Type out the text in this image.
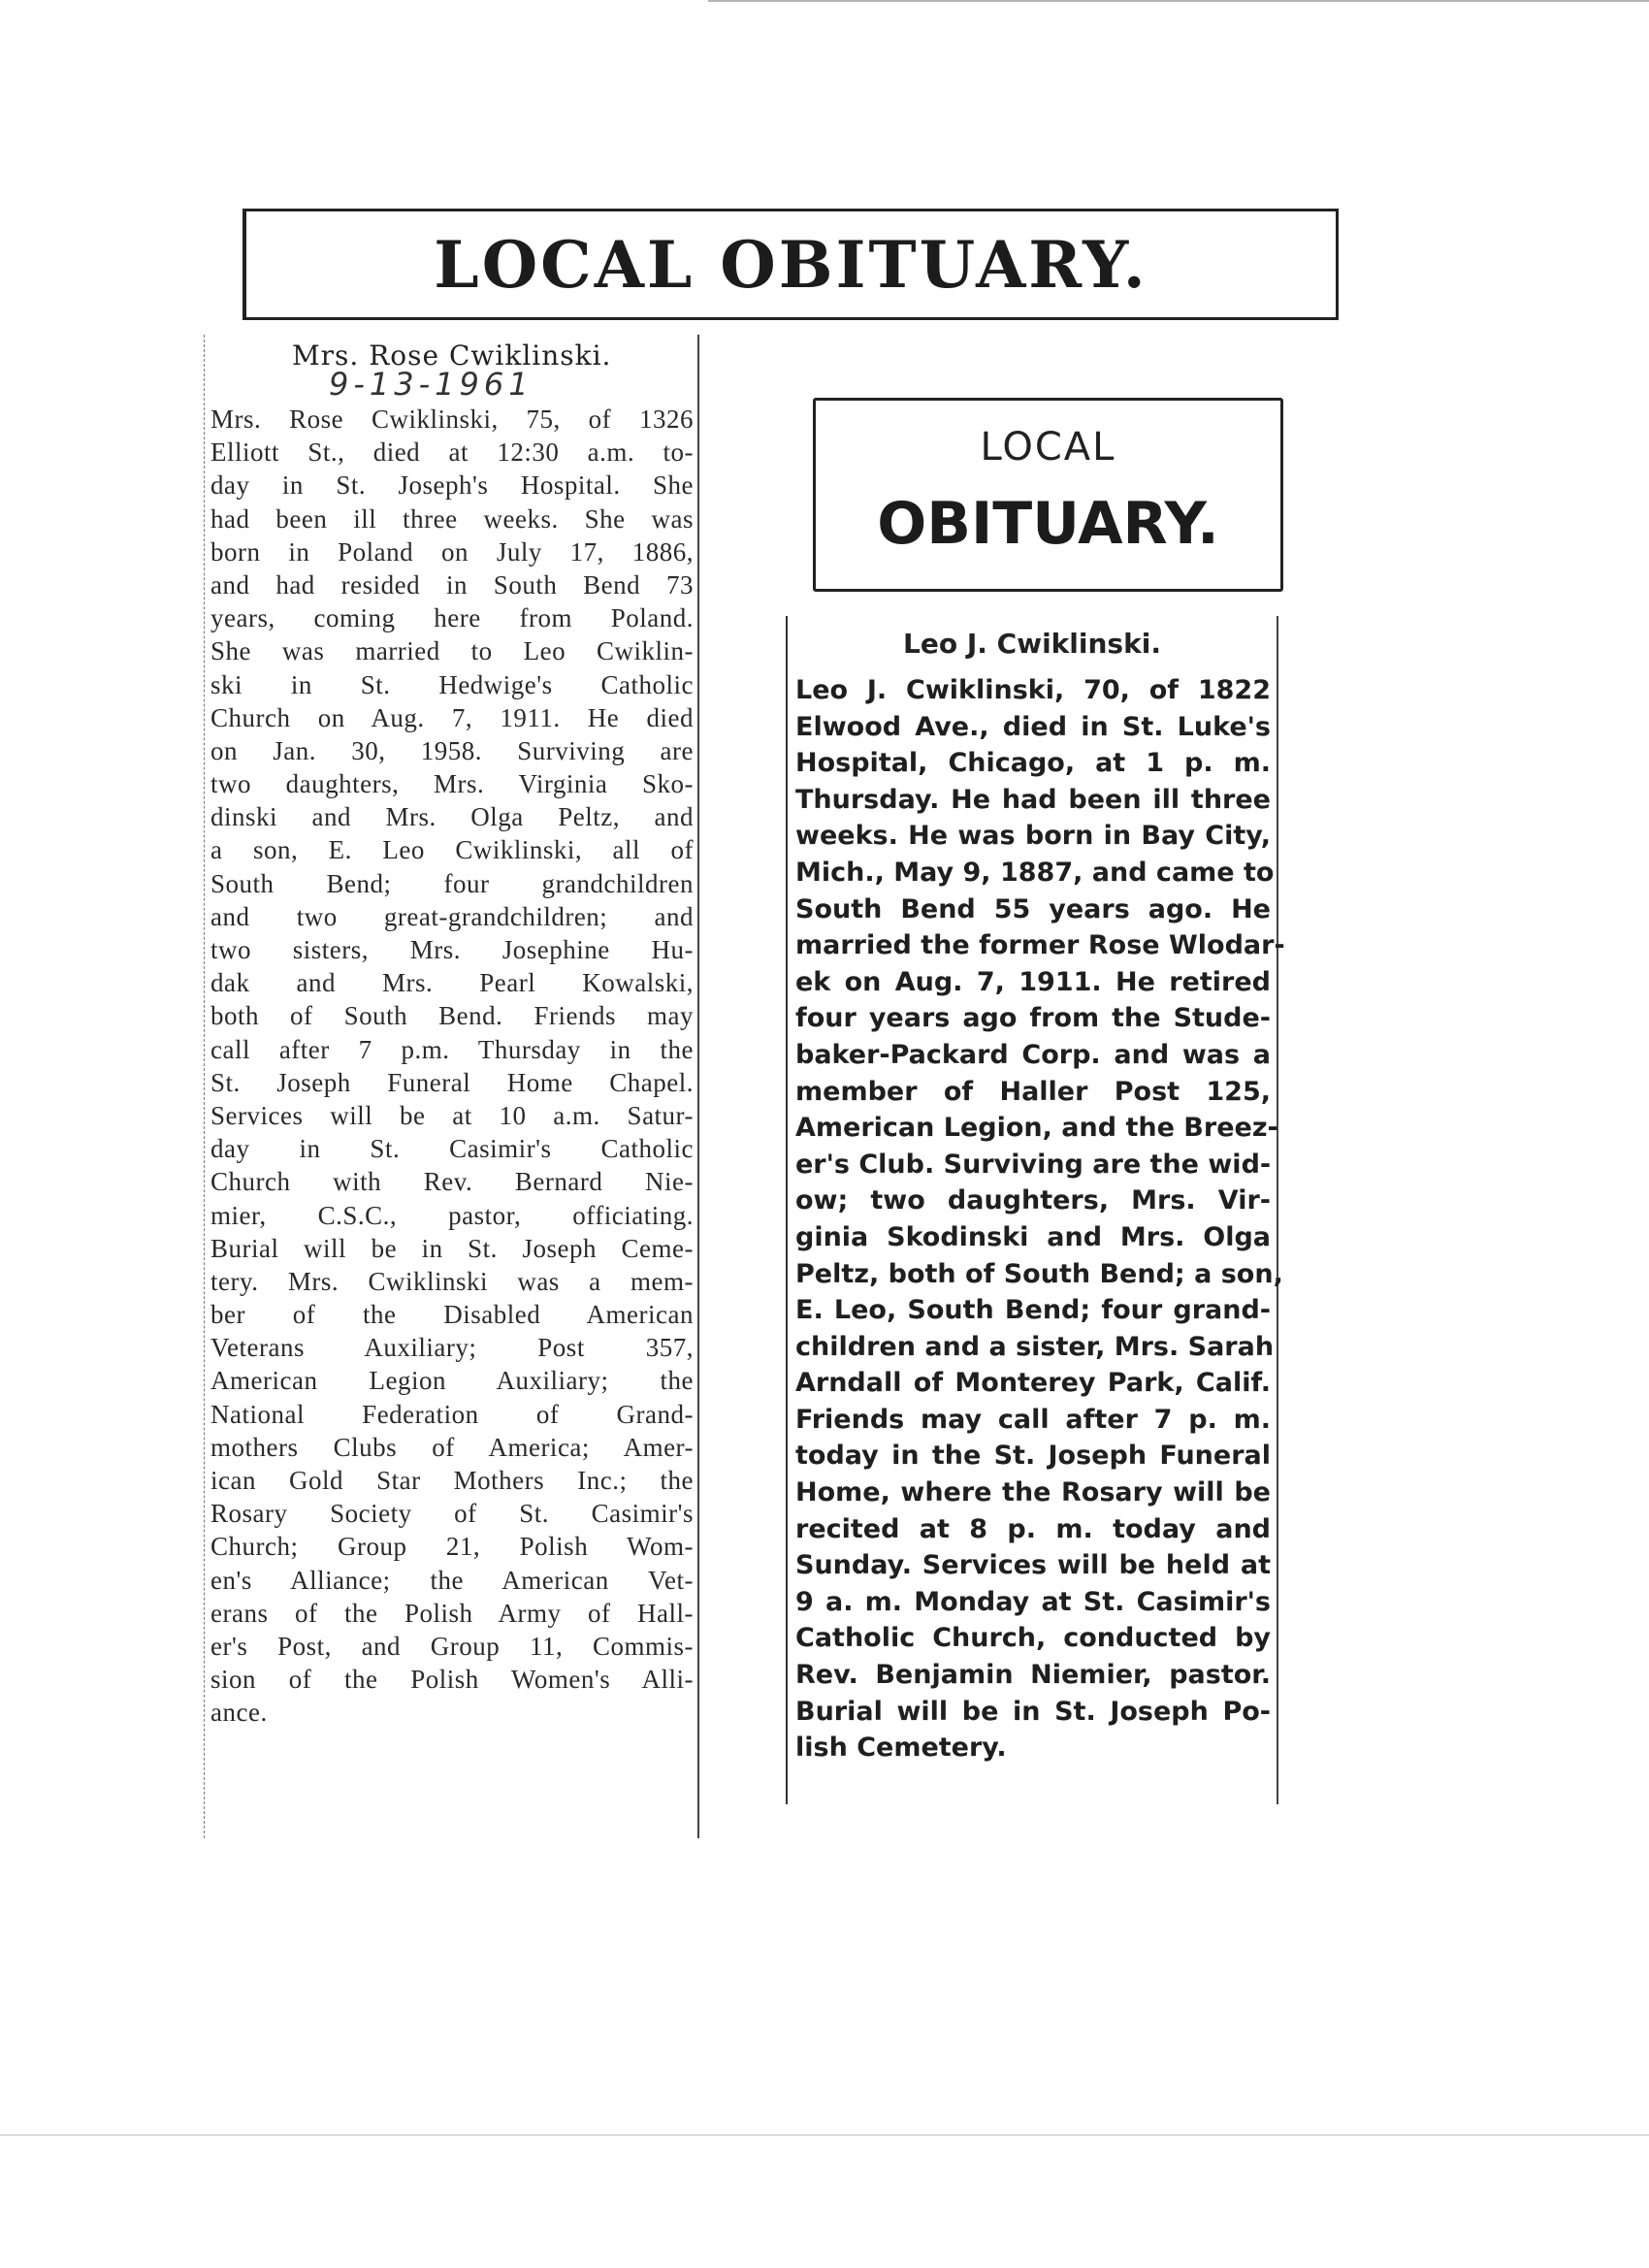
LOCAL OBITUARY.
Mrs. Rose Cwiklinski.
9-13-1961
Mrs. Rose Cwiklinski, 75, of 1326
Elliott St., died at 12:30 a.m. to-
day in St. Joseph's Hospital. She
had been ill three weeks. She was
born in Poland on July 17, 1886,
and had resided in South Bend 73
years, coming here from Poland.
She was married to Leo Cwiklin-
ski in St. Hedwige's Catholic
Church on Aug. 7, 1911. He died
on Jan. 30, 1958. Surviving are
two daughters, Mrs. Virginia Sko-
dinski and Mrs. Olga Peltz, and
a son, E. Leo Cwiklinski, all of
South Bend; four grandchildren
and two great-grandchildren; and
two sisters, Mrs. Josephine Hu-
dak and Mrs. Pearl Kowalski,
both of South Bend. Friends may
call after 7 p.m. Thursday in the
St. Joseph Funeral Home Chapel.
Services will be at 10 a.m. Satur-
day in St. Casimir's Catholic
Church with Rev. Bernard Nie-
mier, C.S.C., pastor, officiating.
Burial will be in St. Joseph Ceme-
tery. Mrs. Cwiklinski was a mem-
ber of the Disabled American
Veterans Auxiliary; Post 357,
American Legion Auxiliary; the
National Federation of Grand-
mothers Clubs of America; Amer-
ican Gold Star Mothers Inc.; the
Rosary Society of St. Casimir's
Church; Group 21, Polish Wom-
en's Alliance; the American Vet-
erans of the Polish Army of Hall-
er's Post, and Group 11, Commis-
sion of the Polish Women's Alli-
ance.
LOCAL
OBITUARY.
Leo J. Cwiklinski.
Leo J. Cwiklinski, 70, of 1822
Elwood Ave., died in St. Luke's
Hospital, Chicago, at 1 p. m.
Thursday. He had been ill three
weeks. He was born in Bay City,
Mich., May 9, 1887, and came to
South Bend 55 years ago. He
married the former Rose Wlodar-
ek on Aug. 7, 1911. He retired
four years ago from the Stude-
baker-Packard Corp. and was a
member of Haller Post 125,
American Legion, and the Breez-
er's Club. Surviving are the wid-
ow; two daughters, Mrs. Vir-
ginia Skodinski and Mrs. Olga
Peltz, both of South Bend; a son,
E. Leo, South Bend; four grand-
children and a sister, Mrs. Sarah
Arndall of Monterey Park, Calif.
Friends may call after 7 p. m.
today in the St. Joseph Funeral
Home, where the Rosary will be
recited at 8 p. m. today and
Sunday. Services will be held at
9 a. m. Monday at St. Casimir's
Catholic Church, conducted by
Rev. Benjamin Niemier, pastor.
Burial will be in St. Joseph Po-
lish Cemetery.
